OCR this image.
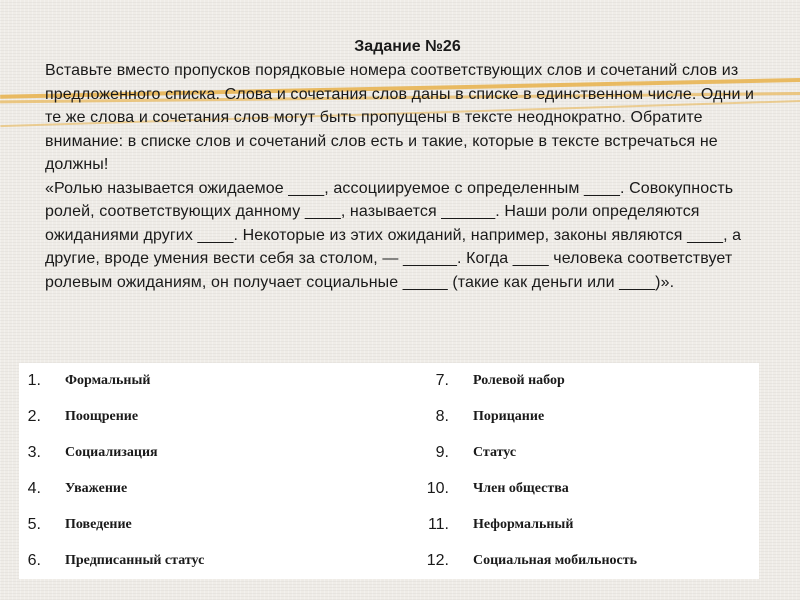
Задание №26

Вставьте вместо пропусков порядковые номера соответствующих слов и сочетаний слов из предложенного списка. Слова и сочетания слов даны в списке в единственном числе. Одни и те же слова и сочетания слов могут быть пропущены в тексте неоднократно. Обратите внимание: в списке слов и сочетаний слов есть и такие, которые в тексте встречаться не должны!

«Ролью называется ожидаемое ____, ассоциируемое с определенным ____. Совокупность ролей, соответствующих данному ____, называется ______. Наши роли определяются ожиданиями других ____. Некоторые из этих ожиданий, например, законы являются ____, а другие, вроде умения вести себя за столом, — ______. Когда ____ человека соответствует ролевым ожиданиям, он получает социальные _____ (такие как деньги или ____)».

1.	Формальный		7.	Ролевой набор
2.	Поощрение		8.	Порицание
3.	Социализация		9.	Статус
4.	Уважение		10.	Член общества
5.	Поведение		11.	Неформальный
6.	Предписанный статус		12.	Социальная мобильность
